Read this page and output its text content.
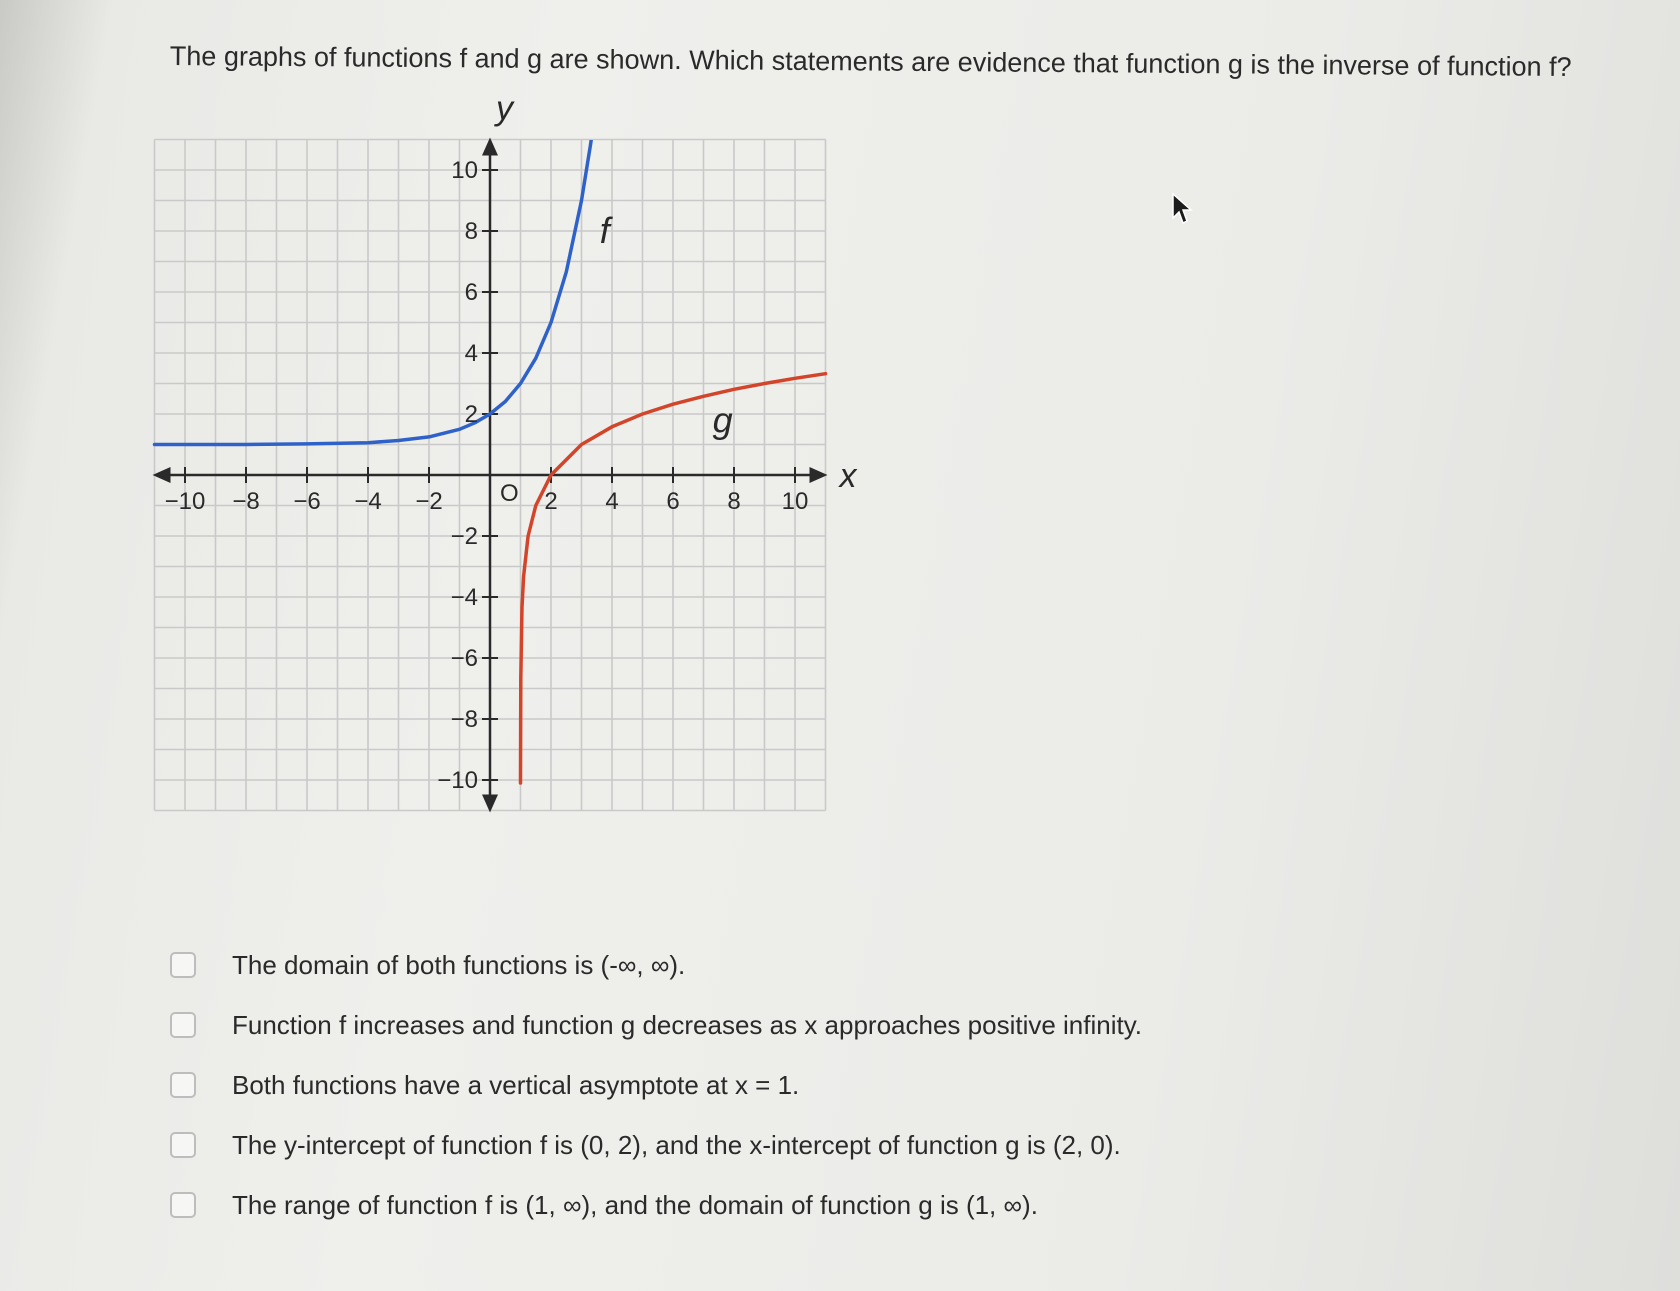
The graphs of functions f and g are shown. Which statements are evidence that function g is the inverse of function f?
−10 −8 −6 −4 −2	2 4 6 8 10
10
8
6
4
2
−2
−4
−6
−8
−10
O	x
y
f
g
The domain of both functions is (-∞, ∞).
Function f increases and function g decreases as x approaches positive infinity.
Both functions have a vertical asymptote at x = 1.
The y-intercept of function f is (0, 2), and the x-intercept of function g is (2, 0).
The range of function f is (1, ∞), and the domain of function g is (1, ∞).
